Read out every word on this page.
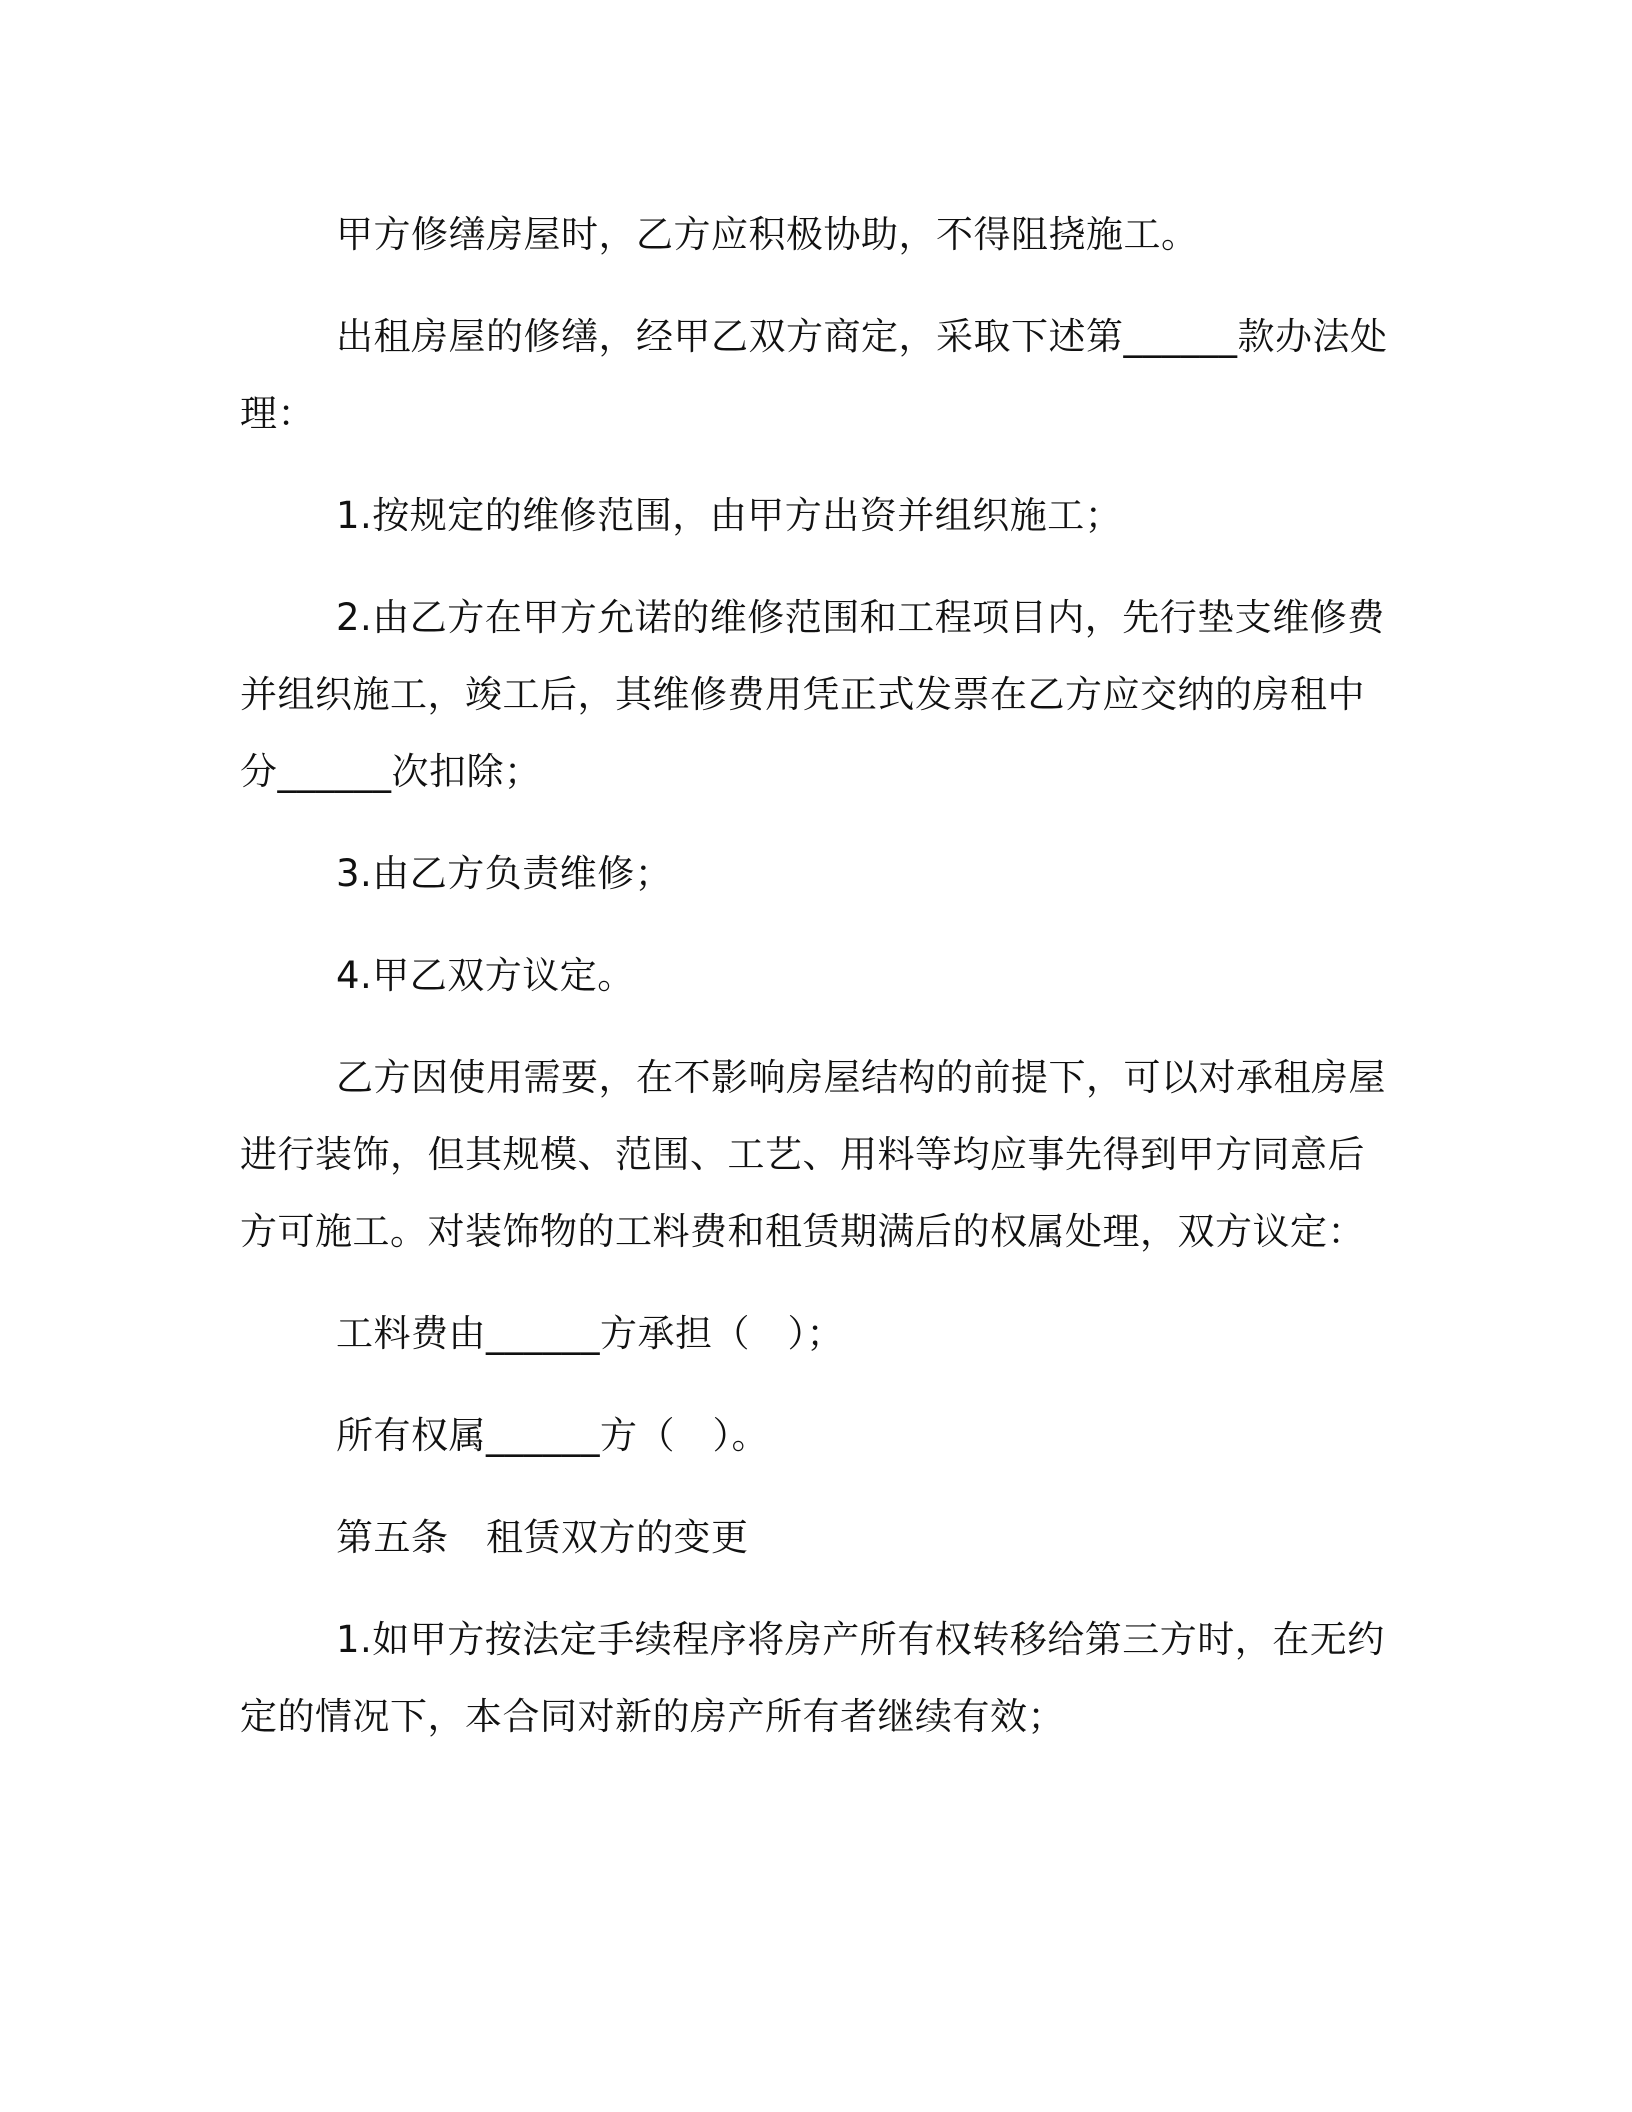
甲方修缮房屋时，乙方应积极协助，不得阻挠施工。

出租房屋的修缮，经甲乙双方商定，采取下述第______款办法处理：

1.按规定的维修范围，由甲方出资并组织施工；

2.由乙方在甲方允诺的维修范围和工程项目内，先行垫支维修费并组织施工，竣工后，其维修费用凭正式发票在乙方应交纳的房租中分______次扣除；

3.由乙方负责维修；

4.甲乙双方议定。

乙方因使用需要，在不影响房屋结构的前提下，可以对承租房屋进行装饰，但其规模、范围、工艺、用料等均应事先得到甲方同意后方可施工。对装饰物的工料费和租赁期满后的权属处理，双方议定：

工料费由______方承担（　）；

所有权属______方（　）。

第五条　租赁双方的变更

1.如甲方按法定手续程序将房产所有权转移给第三方时，在无约定的情况下，本合同对新的房产所有者继续有效；
